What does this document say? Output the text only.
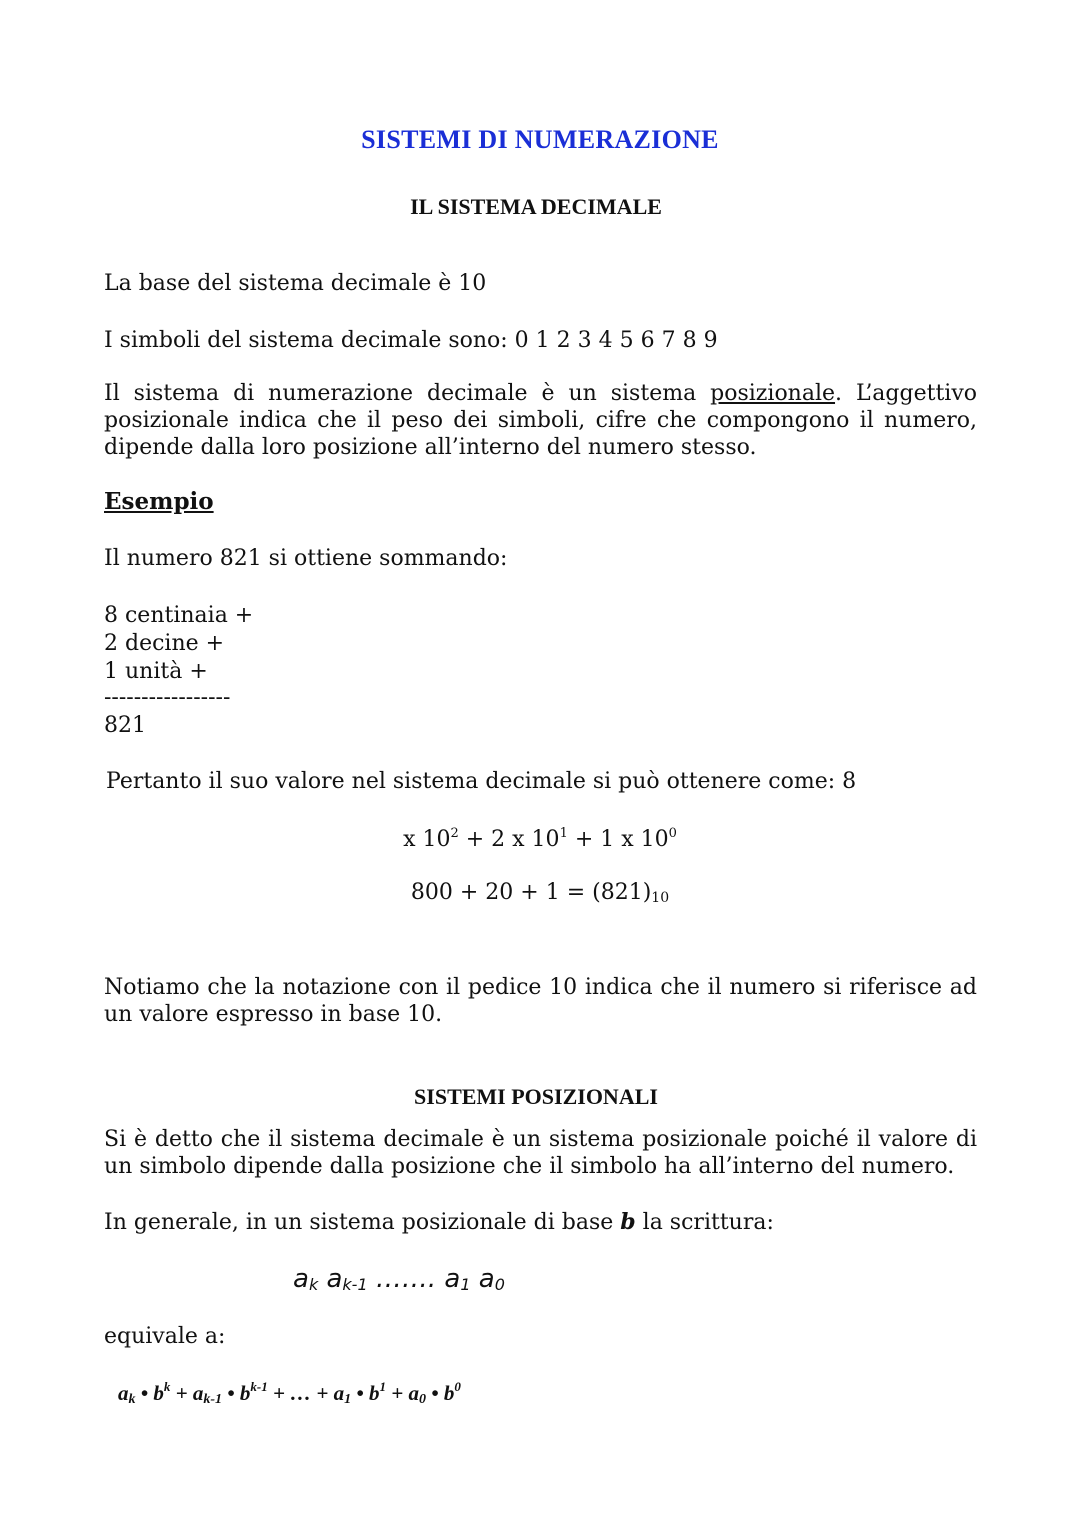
SISTEMI DI NUMERAZIONE
IL SISTEMA DECIMALE

La base del sistema decimale è 10

I simboli del sistema decimale sono: 0 1 2 3 4 5 6 7 8 9

Il sistema di numerazione decimale è un sistema posizionale. L’aggettivo posizionale indica che il peso dei simboli, cifre che compongono il numero, dipende dalla loro posizione all’interno del numero stesso.

Esempio

Il numero 821 si ottiene sommando:

8 centinaia +

2 decine +

1 unità +

-----------------

821

Pertanto il suo valore nel sistema decimale si può ottenere come: 8

x $10^2 + 2$ x $10^1 + 1$ x $10^0$

$800 + 20 + 1 = (821)_{10}$

Notiamo che la notazione con il pedice 10 indica che il numero si riferisce ad un valore espresso in base 10.

SISTEMI POSIZIONALI

Si è detto che il sistema decimale è un sistema posizionale poiché il valore di un simbolo dipende dalla posizione che il simbolo ha all’interno del numero.

In generale, in un sistema posizionale di base b la scrittura:

$a_k$ $a_{k-1}$ ……. $a_1$ $a_0$

equivale a:

$a_k$ • $b^k + a_{k-1}$ • $b^{k-1}$ + … + $a_1$ • $b^1 + a_0$ • $b^0$
